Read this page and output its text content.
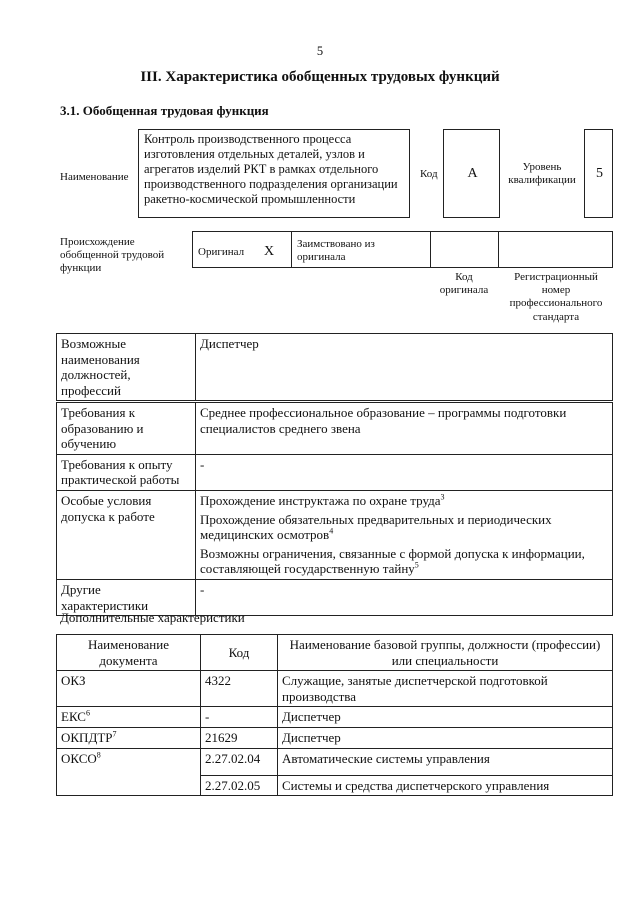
5
III. Характеристика обобщенных трудовых функций
3.1. Обобщенная трудовая функция
Наименование
Контроль производственного процесса изготовления отдельных деталей, узлов и агрегатов изделий РКТ в рамках отдельного производственного подразделения организации ракетно-космической промышленности
Код	A	Уровень квалификации	5
Происхождение обобщенной трудовой функции
Оригинал X Заимствовано из оригинала
Код оригинала
Регистрационный номер профессионального стандарта
Возможные наименования должностей, профессий	Диспетчер
Требования к образованию и обучению	Среднее профессиональное образование – программы подготовки специалистов среднего звена
Требования к опыту практической работы	-
Особые условия допуска к работе	Прохождение инструктажа по охране труда$^3$
Прохождение обязательных предварительных и периодических медицинских осмотров$^4$
Возможны ограничения, связанные с формой допуска к информации, составляющей государственную тайну$^5$

Другие характеристики	-
Дополнительные характеристики
Наименование документа	Код	Наименование базовой группы, должности (профессии) или специальности
ОКЗ	4322	Служащие, занятые диспетчерской подготовкой производства
ЕКС$^6$	-	Диспетчер
ОКПДТР$^7$	21629	Диспетчер
ОКСО$^8$	2.27.02.04	Автоматические системы управления
	2.27.02.05	Системы и средства диспетчерского управления
